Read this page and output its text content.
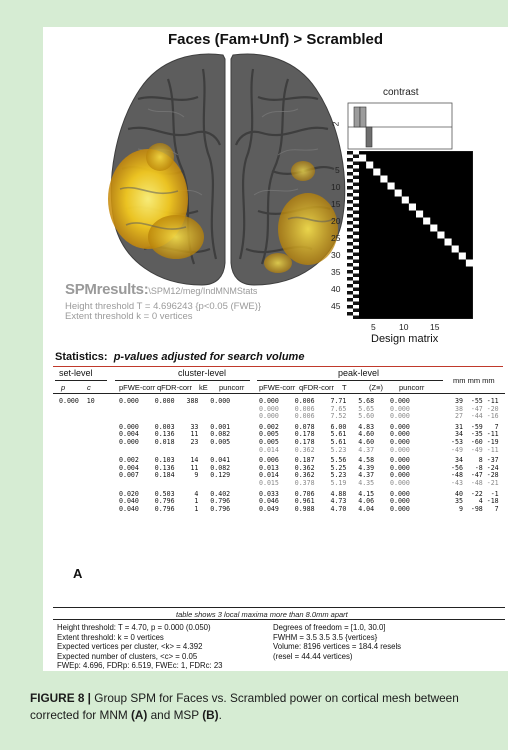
Faces (Fam+Unf) > Scrambled
SPMresults:\SPM12/meg/IndMNMStats
Height threshold T = 4.696243 {p<0.05 (FWE)}
Extent threshold k = 0 vertices
contrast
2
5
10
15
20
25
30
35
40
45
5	10	15
Design matrix
Statistics: p-values adjusted for search volume
set-level	cluster-level	peak-level
mm mm mm
p	c	pFWE-corr qFDR-corr kE puncorr pFWE-corr qFDR-corr T	(Z≡) puncorr
0.000  10	0.000    0.000   388   0.000	0.000    0.006    7.71   5.68    0.000	39  -55 -11
0.000    0.006    7.65   5.65    0.000	38  -47 -20
0.000    0.006    7.52   5.60    0.000	27  -44 -16
0.000    0.003    33   0.001	0.002    0.078    6.00   4.83    0.000	31  -59   7
0.004    0.136    11   0.082	0.005    0.178    5.61   4.60    0.000	34  -35 -11
0.000    0.018    23   0.005	0.005    0.178    5.61   4.60    0.000	-53  -60 -19
0.014    0.362    5.23   4.37    0.000	-49  -49 -11
0.002    0.103    14   0.041	0.006    0.187    5.56   4.58    0.000	34    8 -37
0.004    0.136    11   0.082	0.013    0.362    5.25   4.39    0.000	-56   -8 -24
0.007    0.184     9   0.129	0.014    0.362    5.23   4.37    0.000	-48  -47 -28
0.015    0.378    5.19   4.35    0.000	-43  -48 -21
0.020    0.503     4   0.402	0.033    0.706    4.88   4.15    0.000	40  -22  -1
0.040    0.796     1   0.796	0.046    0.961    4.73   4.06    0.000	35    4 -18
0.040    0.796     1   0.796	0.049    0.988    4.70   4.04    0.000	9  -98   7
A
table shows 3 local maxima more than 8.0mm apart
Height threshold: T = 4.70, p = 0.000 (0.050)
Extent threshold: k = 0 vertices
Expected vertices per cluster, <k> = 4.392
Expected number of clusters, <c> = 0.05
FWEp: 4.696, FDRp: 6.519, FWEc: 1, FDRc: 23
Degrees of freedom = [1.0, 30.0]
FWHM = 3.5 3.5 3.5 {vertices}
Volume: 8196 vertices = 184.4 resels
(resel = 44.44 vertices)
FIGURE 8 | Group SPM for Faces vs. Scrambled power on cortical mesh between
corrected for MNM (A) and MSP (B).
